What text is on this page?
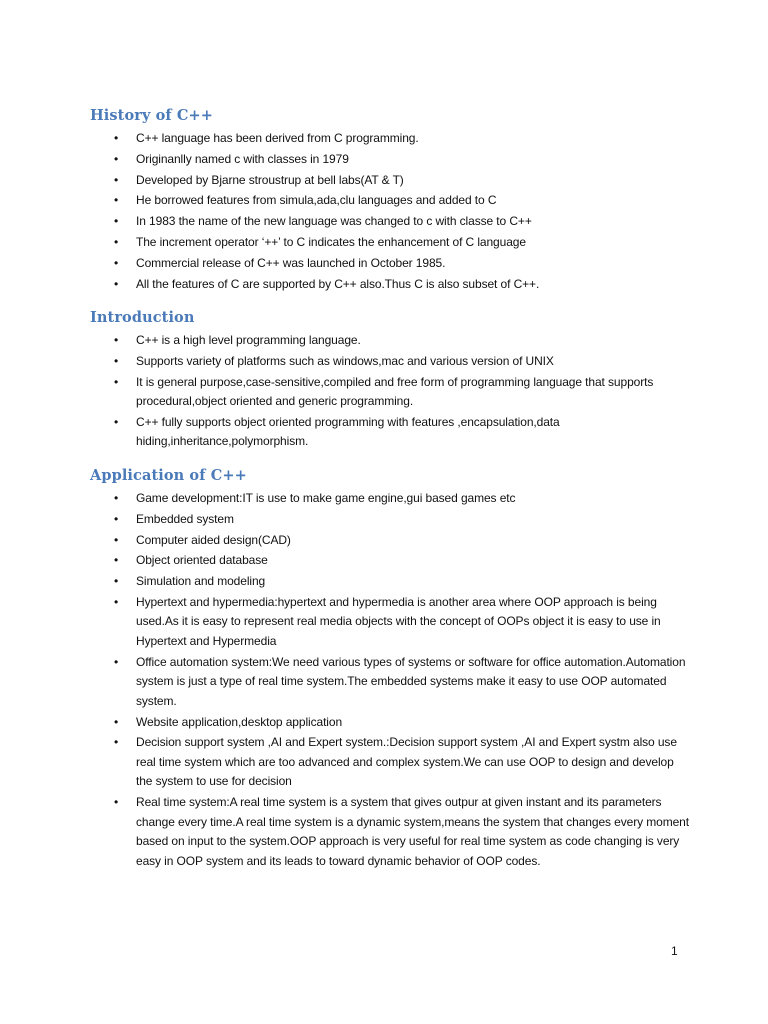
History of C++
• C++ language has been derived from C programming.
• Originanlly named c with classes in 1979
• Developed by Bjarne stroustrup at bell labs(AT & T)
• He borrowed features from simula,ada,clu languages and added to C
• In 1983 the name of the new language was changed to c with classe to C++
• The increment operator ‘++’ to C indicates the enhancement of C language
• Commercial release of C++ was launched in October 1985.
• All the features of C are supported by C++ also.Thus C is also subset of C++.
Introduction
• C++ is a high level programming language.
• Supports variety of platforms such as windows,mac and various version of UNIX
• It is general purpose,case-sensitive,compiled and free form of programming language that supports procedural,object oriented and generic programming.
• C++ fully supports object oriented programming with features ,encapsulation,data hiding,inheritance,polymorphism.
Application of C++
• Game development:IT is use to make game engine,gui based games etc
• Embedded system
• Computer aided design(CAD)
• Object oriented database
• Simulation and modeling
• Hypertext and hypermedia:hypertext and hypermedia is another area where OOP approach is being used.As it is easy to represent real media objects with the concept of OOPs object it is easy to use in Hypertext and Hypermedia
• Office automation system:We need various types of systems or software for office automation.Automation system is just a type of real time system.The embedded systems make it easy to use OOP automated system.
• Website application,desktop application
• Decision support system ,AI and Expert system.:Decision support system ,AI and Expert systm also use real time system which are too advanced and complex system.We can use OOP to design and develop the system to use for decision
• Real time system:A real time system is a system that gives outpur at given instant and its parameters change every time.A real time system is a dynamic system,means the system that changes every moment based on input to the system.OOP approach is very useful for real time system as code changing is very easy in OOP system and its leads to toward dynamic behavior of OOP codes.
1
